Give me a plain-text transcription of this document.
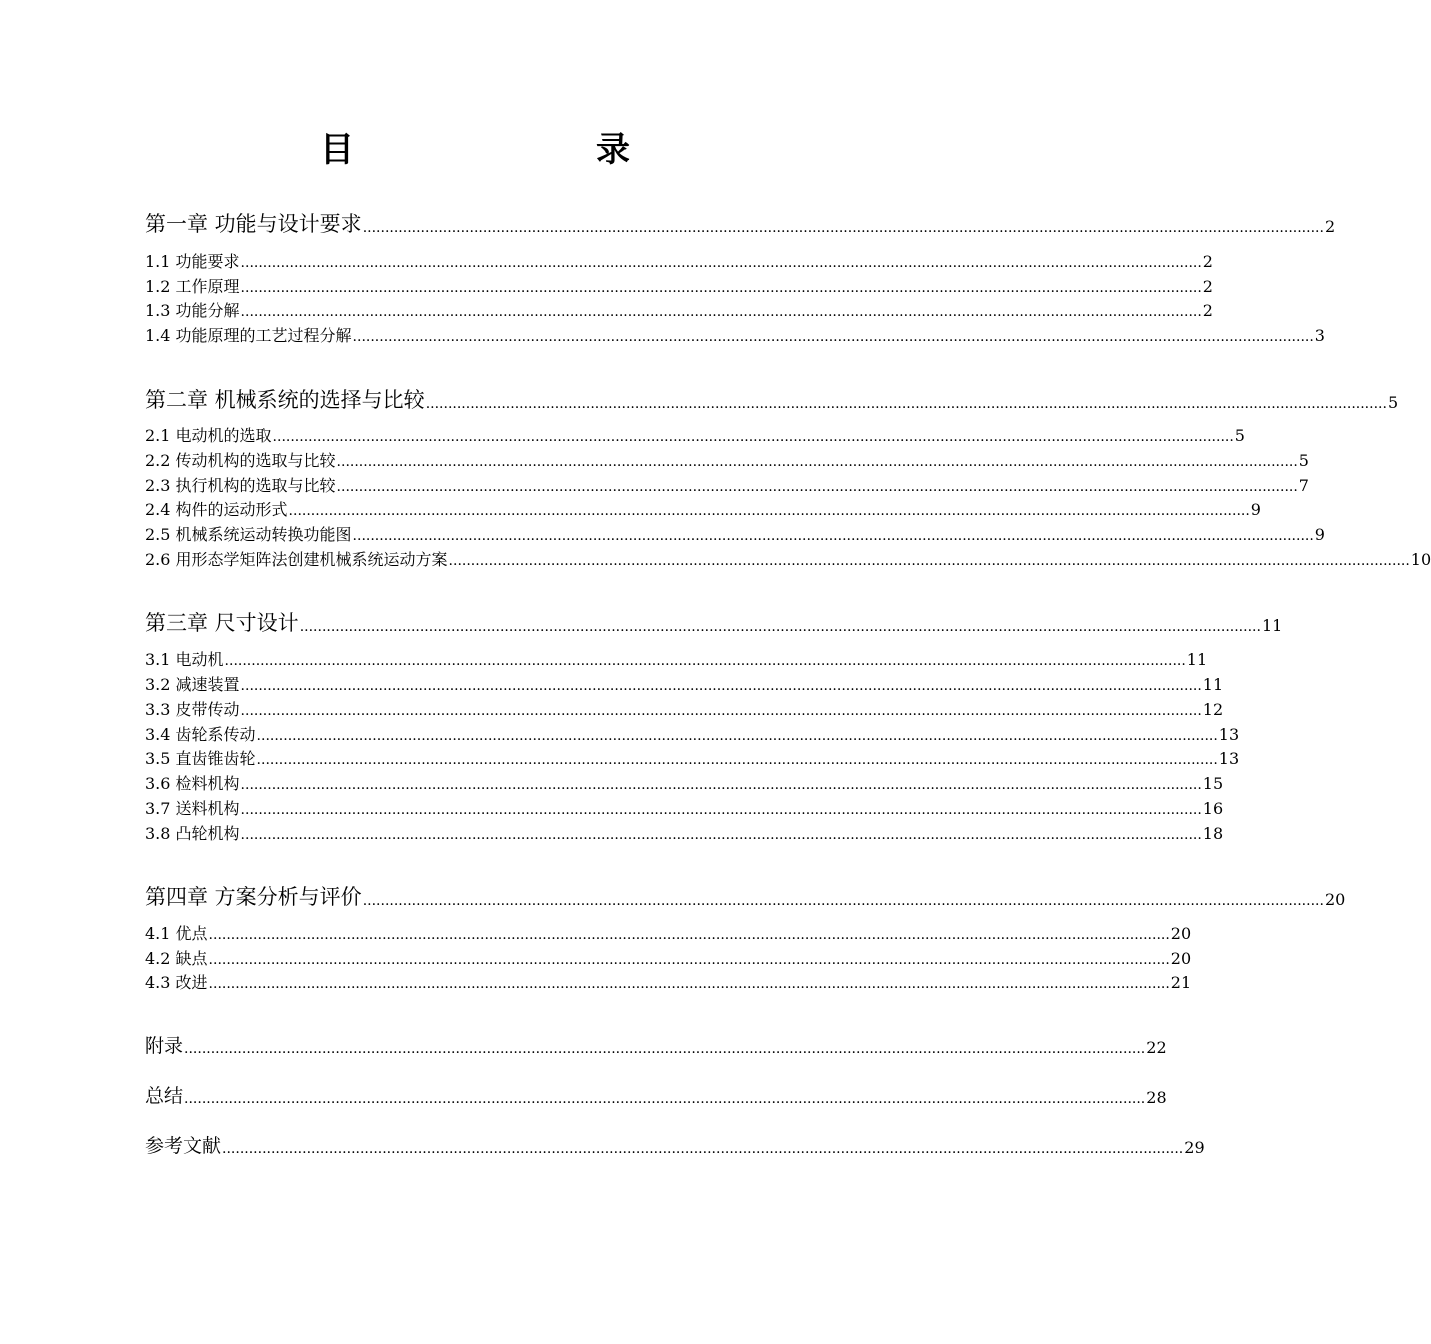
目　　录
第一章 功能与设计要求 ........................................................................................................................................................................................................................ 2
1.1 功能要求 ........................................................................................................................................................................................................................ 2
1.2 工作原理 ........................................................................................................................................................................................................................ 2
1.3 功能分解 ........................................................................................................................................................................................................................ 2
1.4 功能原理的工艺过程分解 ........................................................................................................................................................................................................................ 3
第二章 机械系统的选择与比较 ........................................................................................................................................................................................................................ 5
2.1 电动机的选取 ........................................................................................................................................................................................................................ 5
2.2 传动机构的选取与比较 ........................................................................................................................................................................................................................ 5
2.3 执行机构的选取与比较 ........................................................................................................................................................................................................................ 7
2.4 构件的运动形式 ........................................................................................................................................................................................................................ 9
2.5 机械系统运动转换功能图 ........................................................................................................................................................................................................................ 9
2.6 用形态学矩阵法创建机械系统运动方案 ........................................................................................................................................................................................................................ 10
第三章 尺寸设计 ........................................................................................................................................................................................................................ 11
3.1 电动机 ........................................................................................................................................................................................................................ 11
3.2 减速装置 ........................................................................................................................................................................................................................ 11
3.3 皮带传动 ........................................................................................................................................................................................................................ 12
3.4 齿轮系传动 ........................................................................................................................................................................................................................ 13
3.5 直齿锥齿轮 ........................................................................................................................................................................................................................ 13
3.6 检料机构 ........................................................................................................................................................................................................................ 15
3.7 送料机构 ........................................................................................................................................................................................................................ 16
3.8 凸轮机构 ........................................................................................................................................................................................................................ 18
第四章 方案分析与评价 ........................................................................................................................................................................................................................ 20
4.1 优点 ........................................................................................................................................................................................................................ 20
4.2 缺点 ........................................................................................................................................................................................................................ 20
4.3 改进 ........................................................................................................................................................................................................................ 21
附录 ........................................................................................................................................................................................................................ 22
总结 ........................................................................................................................................................................................................................ 28
参考文献 ........................................................................................................................................................................................................................ 29
